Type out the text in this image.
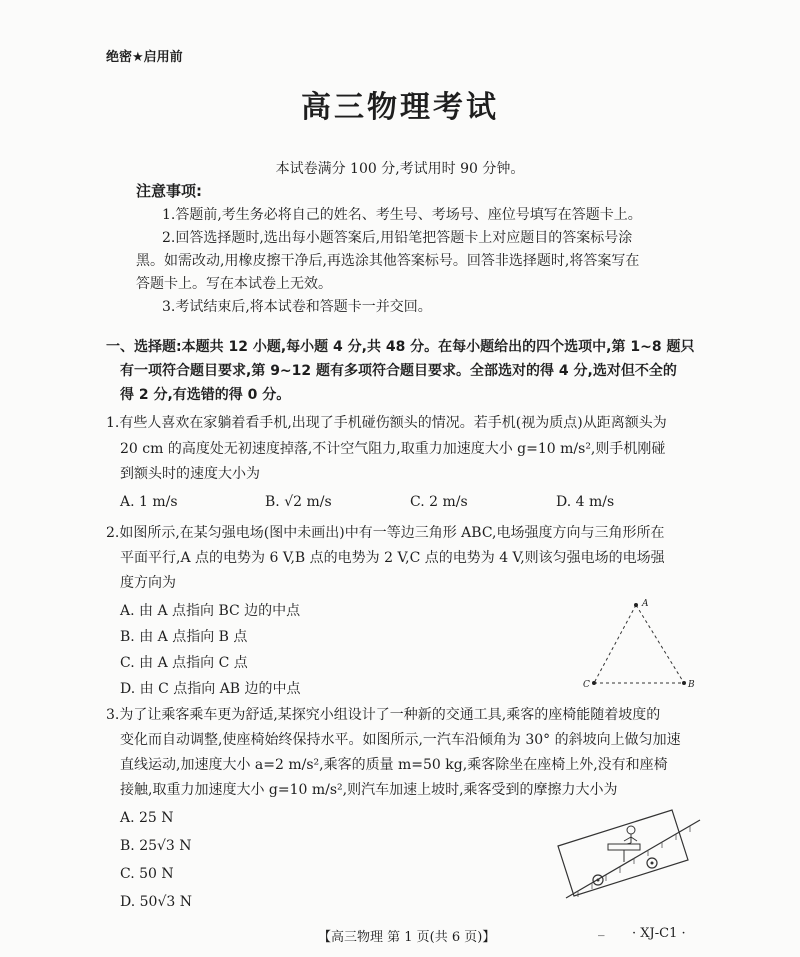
绝密★启用前
高三物理考试
本试卷满分 100 分,考试用时 90 分钟。
注意事项:
1.答题前,考生务必将自己的姓名、考生号、考场号、座位号填写在答题卡上。
2.回答选择题时,选出每小题答案后,用铅笔把答题卡上对应题目的答案标号涂
黑。如需改动,用橡皮擦干净后,再选涂其他答案标号。回答非选择题时,将答案写在
答题卡上。写在本试卷上无效。
3.考试结束后,将本试卷和答题卡一并交回。
一、选择题:本题共 12 小题,每小题 4 分,共 48 分。在每小题给出的四个选项中,第 1~8 题只
有一项符合题目要求,第 9~12 题有多项符合题目要求。全部选对的得 4 分,选对但不全的
得 2 分,有选错的得 0 分。
1.有些人喜欢在家躺着看手机,出现了手机碰伤额头的情况。若手机(视为质点)从距离额头为
20 cm 的高度处无初速度掉落,不计空气阻力,取重力加速度大小 g=10 m/s²,则手机刚碰
到额头时的速度大小为
A. 1 m/s	B. √2 m/s	C. 2 m/s	D. 4 m/s
2.如图所示,在某匀强电场(图中未画出)中有一等边三角形 ABC,电场强度方向与三角形所在
平面平行,A 点的电势为 6 V,B 点的电势为 2 V,C 点的电势为 4 V,则该匀强电场的电场强
度方向为
A. 由 A 点指向 BC 边的中点
B. 由 A 点指向 B 点
C. 由 A 点指向 C 点
D. 由 C 点指向 AB 边的中点
A
C	B
3.为了让乘客乘车更为舒适,某探究小组设计了一种新的交通工具,乘客的座椅能随着坡度的
变化而自动调整,使座椅始终保持水平。如图所示,一汽车沿倾角为 30° 的斜坡向上做匀加速
直线运动,加速度大小 a=2 m/s²,乘客的质量 m=50 kg,乘客除坐在座椅上外,没有和座椅
接触,取重力加速度大小 g=10 m/s²,则汽车加速上坡时,乘客受到的摩擦力大小为
A. 25 N
B. 25√3 N
C. 50 N
D. 50√3 N
【高三物理 第 1 页(共 6 页)】
_ · XJ-C1 ·
